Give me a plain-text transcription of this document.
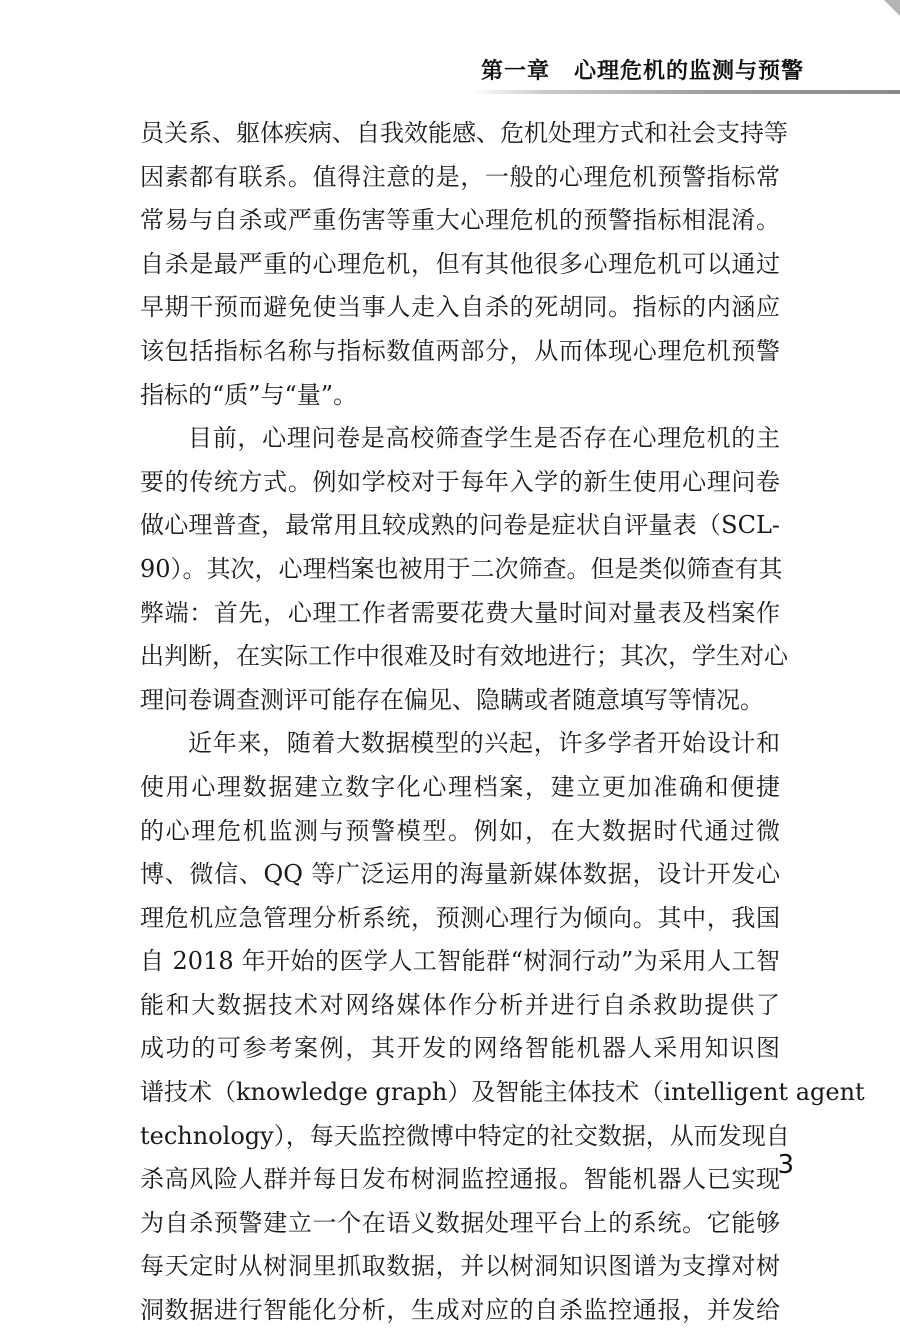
第一章 心理危机的监测与预警
员关系、躯体疾病、自我效能感、危机处理方式和社会支持等
因素都有联系。值得注意的是，一般的心理危机预警指标常
常易与自杀或严重伤害等重大心理危机的预警指标相混淆。
自杀是最严重的心理危机，但有其他很多心理危机可以通过
早期干预而避免使当事人走入自杀的死胡同。指标的内涵应
该包括指标名称与指标数值两部分，从而体现心理危机预警
指标的“质”与“量”。
目前，心理问卷是高校筛查学生是否存在心理危机的主
要的传统方式。例如学校对于每年入学的新生使用心理问卷
做心理普查，最常用且较成熟的问卷是症状自评量表（SCL-
90）。其次，心理档案也被用于二次筛查。但是类似筛查有其
弊端：首先，心理工作者需要花费大量时间对量表及档案作
出判断，在实际工作中很难及时有效地进行；其次，学生对心
理问卷调查测评可能存在偏见、隐瞒或者随意填写等情况。
近年来，随着大数据模型的兴起，许多学者开始设计和
使用心理数据建立数字化心理档案，建立更加准确和便捷
的心理危机监测与预警模型。例如，在大数据时代通过微
博、微信、QQ 等广泛运用的海量新媒体数据，设计开发心
理危机应急管理分析系统，预测心理行为倾向。其中，我国
自 2018 年开始的医学人工智能群“树洞行动”为采用人工智
能和大数据技术对网络媒体作分析并进行自杀救助提供了
成功的可参考案例，其开发的网络智能机器人采用知识图
谱技术（knowledge graph）及智能主体技术（intelligent agent
technology），每天监控微博中特定的社交数据，从而发现自
杀高风险人群并每日发布树洞监控通报。智能机器人已实现
为自杀预警建立一个在语义数据处理平台上的系统。它能够
每天定时从树洞里抓取数据，并以树洞知识图谱为支撑对树
洞数据进行智能化分析，生成对应的自杀监控通报，并发给
3
